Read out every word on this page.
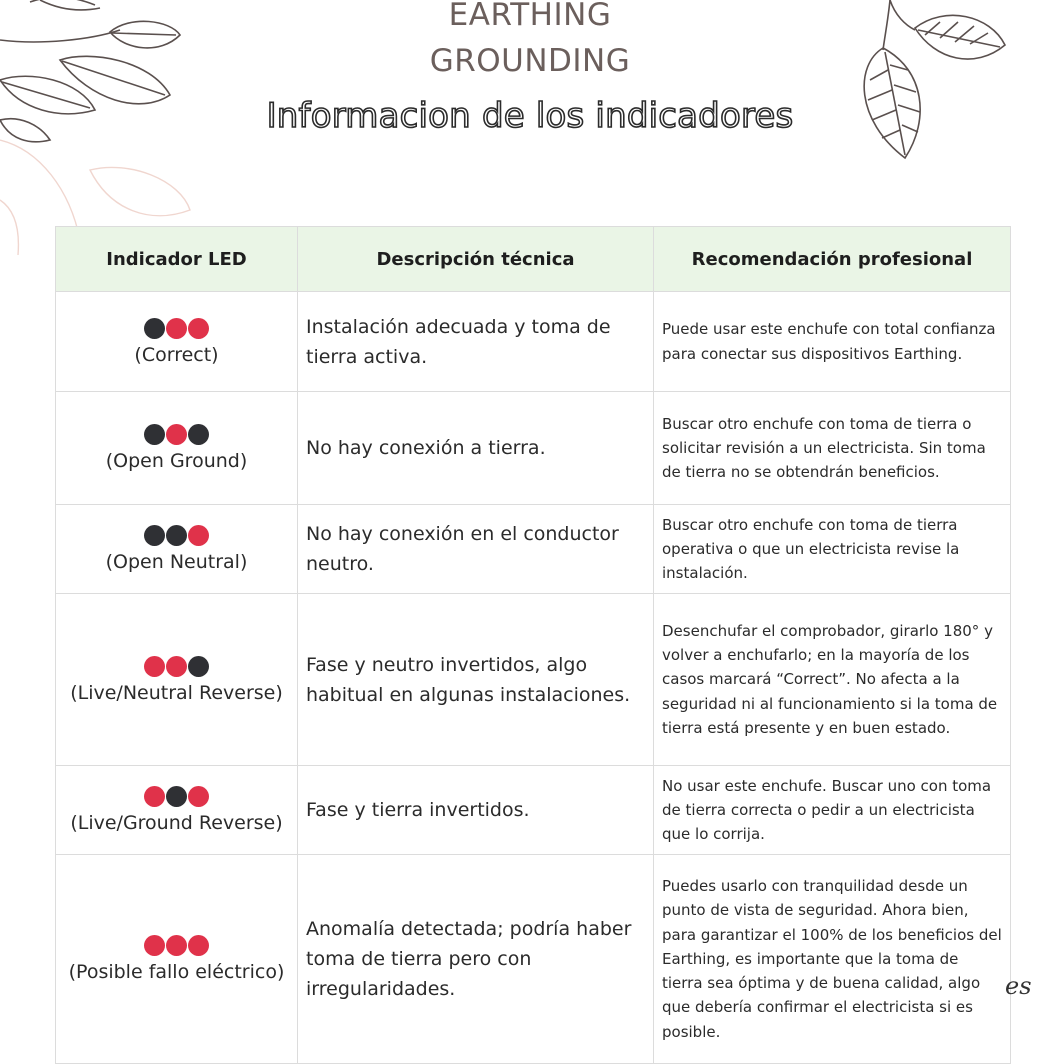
EARTHING
GROUNDING
Informacion de los indicadores
Indicador LED	Descripción técnica	Recomendación profesional

(Correct)	Instalación adecuada y toma de tierra activa.	Puede usar este enchufe con total confianza para conectar sus dispositivos Earthing.

(Open Ground)	No hay conexión a tierra.	Buscar otro enchufe con toma de tierra o solicitar revisión a un electricista. Sin toma de tierra no se obtendrán beneficios.

(Open Neutral)	No hay conexión en el conductor neutro.	Buscar otro enchufe con toma de tierra operativa o que un electricista revise la instalación.

(Live/Neutral Reverse)	Fase y neutro invertidos, algo habitual en algunas instalaciones.	Desenchufar el comprobador, girarlo 180° y volver a enchufarlo; en la mayoría de los casos marcará “Correct”. No afecta a la seguridad ni al funcionamiento si la toma de tierra está presente y en buen estado.

(Live/Ground Reverse)	Fase y tierra invertidos.	No usar este enchufe. Buscar uno con toma de tierra correcta o pedir a un electricista que lo corrija.

(Posible fallo eléctrico)	Anomalía detectada; podría haber toma de tierra pero con irregularidades.	Puedes usarlo con tranquilidad desde un punto de vista de seguridad. Ahora bien, para garantizar el 100% de los beneficios del Earthing, es importante que la toma de tierra sea óptima y de buena calidad, algo que debería confirmar el electricista si es posible.
es
